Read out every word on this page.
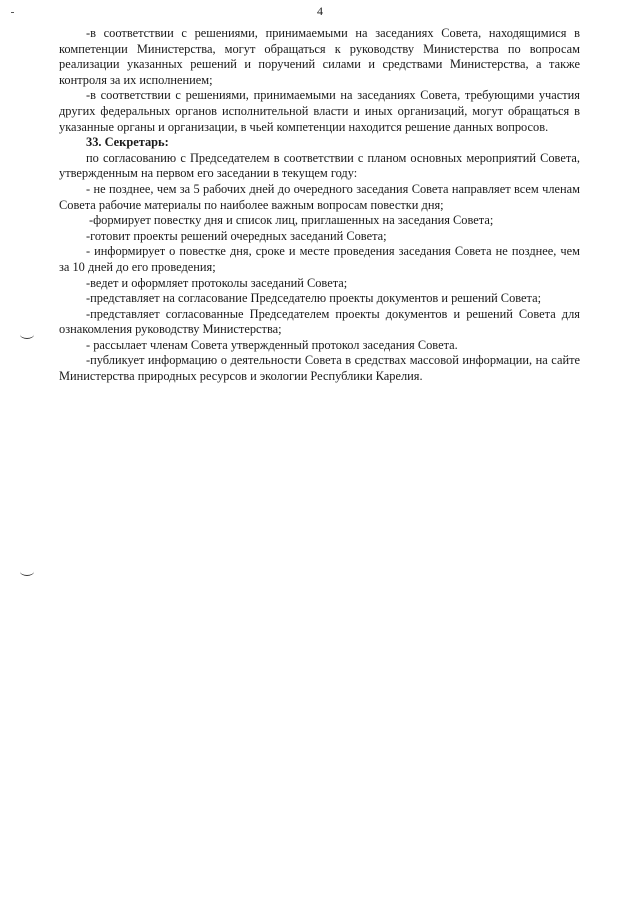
4

-в соответствии с решениями, принимаемыми на заседаниях Совета, находящимися в компетенции Министерства, могут обращаться к руководству Министерства по вопросам реализации указанных решений и поручений силами и средствами Министерства, а также контроля за их исполнением;

-в соответствии с решениями, принимаемыми на заседаниях Совета, требующими участия других федеральных органов исполнительной власти и иных организаций, могут обращаться в указанные органы и организации, в чьей компетенции находится решение данных вопросов.

33. Секретарь:

по согласованию с Председателем в соответствии с планом основных мероприятий Совета, утвержденным на первом его заседании в текущем году:

- не позднее, чем за 5 рабочих дней до очередного заседания Совета направляет всем членам Совета рабочие материалы по наиболее важным вопросам повестки дня;

-формирует повестку дня и список лиц, приглашенных на заседания Совета;

-готовит проекты решений очередных заседаний Совета;

- информирует о повестке дня, сроке и месте проведения заседания Совета не позднее, чем за 10 дней до его проведения;

-ведет и оформляет протоколы заседаний Совета;

-представляет на согласование Председателю проекты документов и решений Совета;

-представляет согласованные Председателем проекты документов и решений Совета для ознакомления руководству Министерства;

- рассылает членам Совета утвержденный протокол заседания Совета.

-публикует информацию о деятельности Совета в средствах массовой информации, на сайте Министерства природных ресурсов и экологии Республики Карелия.
